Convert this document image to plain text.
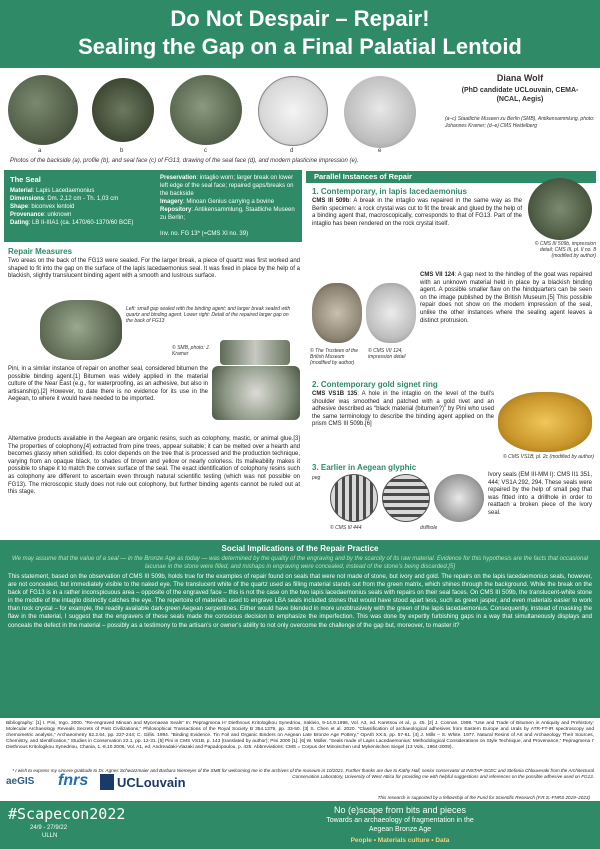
Do Not Despair – Repair!
Sealing the Gap on a Final Palatial Lentoid
a	b	c	d	e
Diana Wolf
(PhD candidate UCLouvain, CEMA-(NCAL, Aegis)
(a–c) Staatliche Museen zu Berlin (SMB), Antikensammlung, photo: Johannes Kramer; (d–e) CMS Heidelberg
Photos of the backside (a), profile (b), and seal face (c) of FG13, drawing of the seal face (d), and modern plasticine impression (e).
The Seal
Material: Lapis Lacedaemonius
Dimensions: Dm. 2,12 cm - Th. 1,03 cm
Shape: biconvex lentoid
Provenance: unknown
Dating: LB II-IIIA1 (ca. 1470/60-1370/60 BCE)
Preservation: intaglio worn; larger break on lower left edge of the seal face; repaired gaps/breaks on the backside
Imagery: Minoan Genius carrying a bovine
Repository: Antikensammlung, Staatliche Museen zu Berlin;
Inv. no. FG 13* (=CMS XI no. 39)
Repair Measures
Two areas on the back of the FG13 were sealed. For the larger break, a piece of quartz was first worked and shaped to fit into the gap on the surface of the lapis lacedaemonius seal. It was fixed in place by the help of a blackish, slightly translucent binding agent with a smooth and lustrous surface.
Left: small gap sealed with the binding agent; and larger break sealed with quartz and binding agent. Lower right: Detail of the repaired larger gap on the back of FG13
© SMB, photo: J. Kramer
Pini, in a similar instance of repair on another seal, considered bitumen the possible binding agent.[1] Bitumen was widely applied in the material culture of the Near East (e.g., for waterproofing, as an adhesive, but also in artisanship).[2] However, to date there is no evidence for its use in the Aegean, to where it would have needed to be imported.
Alternative products available in the Aegean are organic resins, such as colophony, mastic, or animal glue.[3] The properties of colophony,[4] extracted from pine trees, appear suitable; it can be melted over a hearth and becomes glassy when solidified. Its color depends on the tree that is processed and the production technique, varying from an opaque black, to shades of brown and yellow or nearly colorless. Its malleability makes it possible to shape it to match the convex surface of the seal. The exact identification of colophony resins such as colophony are different to ascertain even through natural scientific testing (which was not possible on FG13). The microscopic study does not rule out colophony, but further binding agents cannot be ruled out at this stage.
Parallel Instances of Repair
1. Contemporary, in lapis lacedaemonius
CMS III 509b: A break in the intaglio was repaired in the same way as the Berlin specimen: a rock crystal was cut to fit the break and glued by the help of a binding agent that, macroscopically, corresponds to that of FG13. Part of the intaglio has been rendered on the rock crystal itself.
© CMS III 509b, impression detail; CMS III, pl. II no. 8 (modified by author)
© The Trustees of the British Museum (modified by author)
© CMS VII 124, impression detail
CMS VII 124: A gap next to the hindleg of the goat was repaired with an unknown material held in place by a blackish binding agent. A possible smaller flaw on the hindquarters can be seen on the image published by the British Museum.[5] This possible repair does not show on the modern impression of the seal, unlike the other instances where the sealing agent leaves a distinct protrusion.
2. Contemporary gold signet ring
CMS VS1B 135: A hole in the intaglio on the level of the bull’s shoulder was smoothed and patched with a gold rivet and an adhesive described as “black material (bitumen?)” by Pini who used the same terminology to describe the binding agent applied on the prism CMS III 509b.[6]
© CMS VS1B, pl. 2c (modified by author)
3. Earlier in Aegean glyphic
peg
© CMS III 444	drillhole
Ivory seals (EM III-MM I): CMS II1 351, 444; VS1A 292, 294. These seals were repaired by the help of small peg that was fitted into a drillhole in order to reattach a broken piece of the ivory seal.
Social Implications of the Repair Practice
We may assume that the value of a seal — in the Bronze Age as today — was determined by the quality of the engraving and by the scarcity of its raw material. Evidence for this hypothesis are the facts that occasional lacunae in the stone were filled, and mishaps in engraving were concealed, instead of the stone’s being discarded.[5]
This statement, based on the observation of CMS III 509b, holds true for the examples of repair found on seals that were not made of stone, but ivory and gold. The repairs on the lapis lacedaemonius seals, however, are not concealed, but immediately visible to the naked eye. The translucent white of the quartz used as filling material stands out from the green matrix, which shines through the background. While the break on the back of FG13 is in a rather inconspicuous area – opposite of the engraved face – this is not the case on the two lapis lacedaemonius seals with repairs on their seal faces. On CMS III 509b, the translucent-white stone in the middle of the intaglio distinctly catches the eye. The repertoire of materials used to engrave LBA seals included stones that would have stood apart less, such as green jasper, and even materials easier to work than rock crystal – for example, the readily available dark-green Aegean serpentines. Either would have blended in more unobtrusively with the green of the lapis lacedaemonius. Consequently, instead of masking the flaw in the material, I suggest that the engravers of these seals made the conscious decision to emphasize the imperfection. This was done by expertly furbishing gaps in a way that simultaneously displays and conceals the defect in the material – possibly as a testimony to the artisan’s or owner’s ability to not only overcome the challenge of the gap but, moreover, to master it?
Bibliography: [1] I. Pini, Ingo. 2000. “Re-engraved Minoan and Mycenaean Seals” In: Pepragmena H’ Diethnous Kritologikou Synedriou, Irakleio, 9-14.9.1996, Vol. A3, ed. Karetsou et al., p. 45. [2] J. Connan. 1999. “Use and Trade of Bitumen in Antiquity and Prehistory: Molecular Archaeology Reveals Secrets of Past Civilizations,” Philosophical Transactions of the Royal Society B 354.1379, pp. 33-50. [3] S. Chen et al. 2020. “Classification of archaeological adhesives from Eastern Europe and Urals by ATR-FT-IR spectroscopy and chemometric analysis,” Archaeometry 62.2.64, pp. 227-244; C. Gillis. 1994. “Binding Evidence. Tin Foil and Organic Binders on Aegean Late Bronze Age Pottery,” OpAth XX.5, pp. 57-61. [4] J. Mills – S. White. 1977. Natural Resins of Art and Archaeology Their Sources, Chemistry, and Identification,” Studies in Conservation 22.1, pp. 12-31. [5] Pini in CMS VS1B, p. 143 (translated by author); Pini 2000 [1]. [6] W. Müller. “Seals made of Lapis Lacedaemonius: Methodological Considerations on Style Technique, and Provenance,” Pepragmena I’ Diethnous Kritologikou Synedriou, Chania, 1.-8.10.2006, Vol. A1, ed. Andreadaki-Vlazaki and Papadopoulou, p. 425. Abbreviations: CMS = Corpus der Minoischen und Mykenischen Siegel (13 Vols., 1964-2009).
* I wish to express my sincere gratitude to Dr. Agnes Schwarzmaier and Barbara Niemeyer of the SMB for welcoming me in the archives of the museum in 10/2021. Further thanks are due to Kathy Hall, senior conservator at INSTAP-SCEC and Stefania Chlouveraki from the Architectural Conservation Laboratory, University of West Attica for providing me with helpful suggestions and references on the possible adhesive used on FG13.
aeGIS fnrs UCLouvain
This research is supported by a fellowship of the Fund for Scientific Research (F.R.S.-FNRS 2019–2023)
#Scapecon2022
24/9 - 27/9/22
ULLN
No (e)scape from bits and pieces
Towards an archaeology of fragmentation in the
Aegean Bronze Age
People • Materials culture • Data
